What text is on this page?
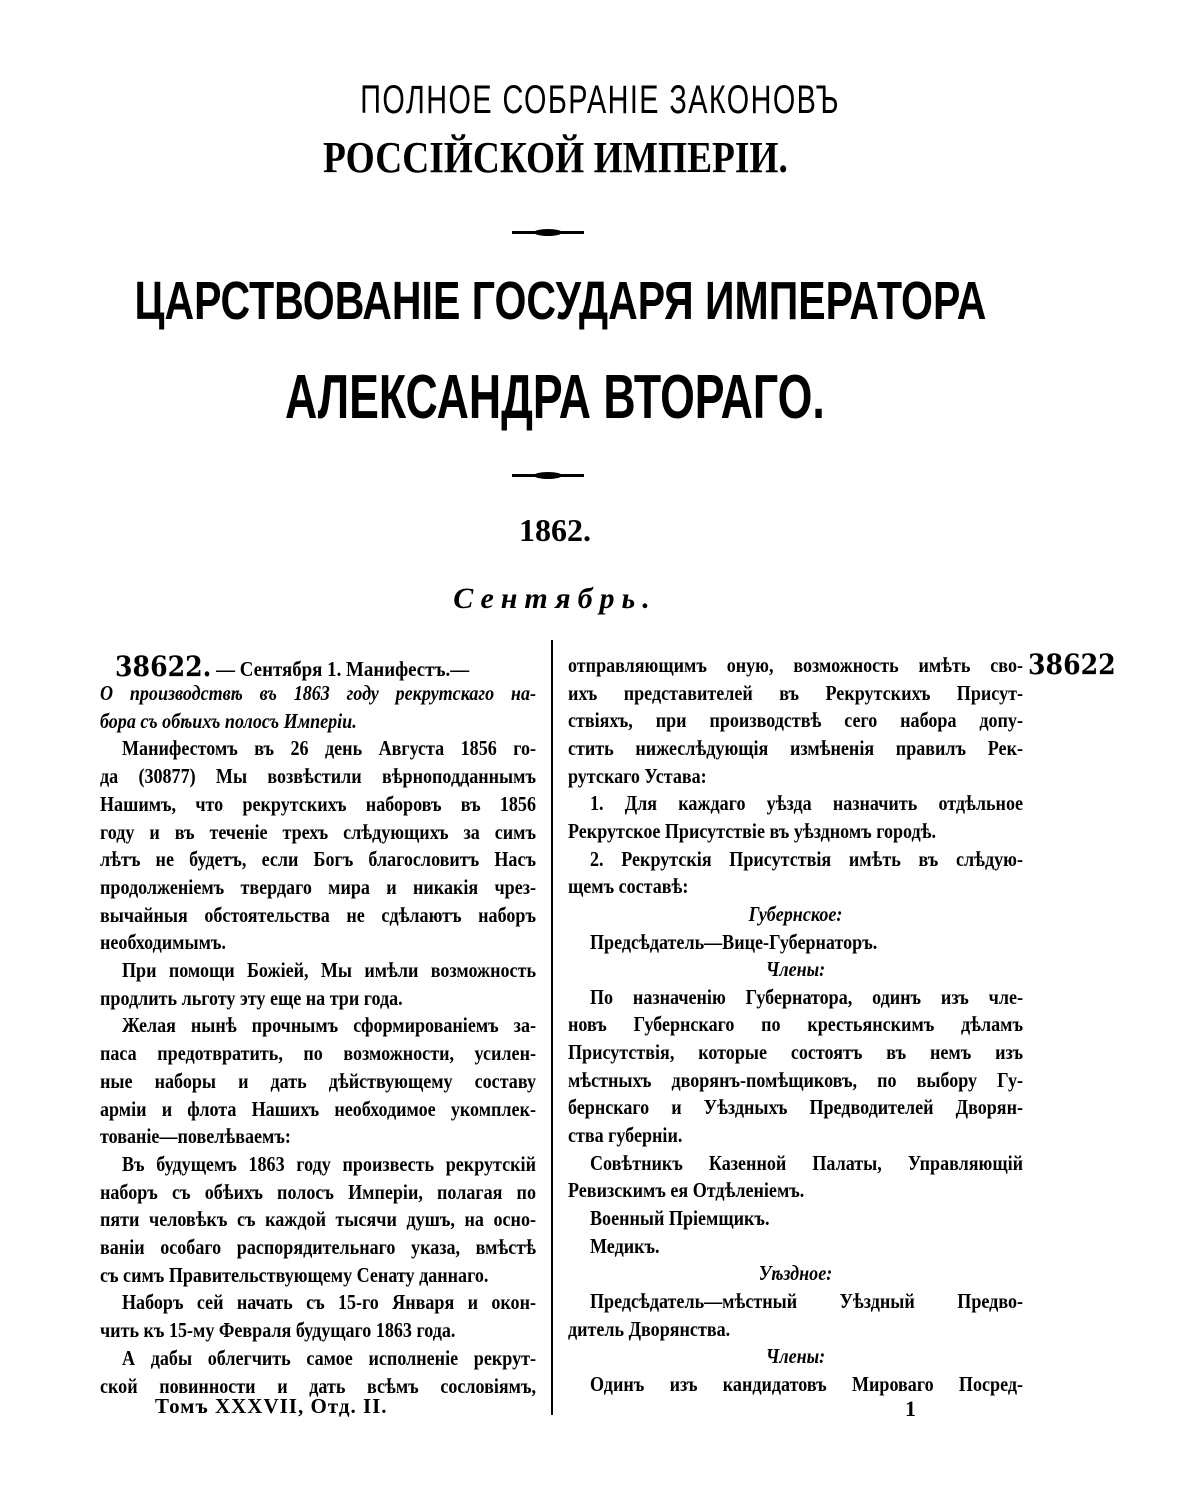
ПОЛНОЕ СОБРАНІЕ ЗАКОНОВЪ
РОССІЙСКОЙ ИМПЕРІИ.
ЦАРСТВОВАНІЕ ГОСУДАРЯ ИМПЕРАТОРА
АЛЕКСАНДРА ВТОРАГО.
1862.
Сентябрь.
38622. — Сентября 1. Манифестъ.—	38622
О производствѣ въ 1863 году рекрутскаго на-
бора съ обѣихъ полосъ Имперіи.
Манифестомъ въ 26 день Августа 1856 го-
да (30877) Мы возвѣстили вѣрноподданнымъ
Нашимъ, что рекрутскихъ наборовъ въ 1856
году и въ теченіе трехъ слѣдующихъ за симъ
лѣтъ не будетъ, если Богъ благословитъ Насъ
продолженіемъ твердаго мира и никакія чрез-
вычайныя обстоятельства не сдѣлаютъ наборъ
необходимымъ.
При помощи Божіей, Мы имѣли возможность
продлить льготу эту еще на три года.
Желая нынѣ прочнымъ сформированіемъ за-
паса предотвратить, по возможности, усилен-
ные наборы и дать дѣйствующему составу
арміи и флота Нашихъ необходимое укомплек-
тованіе—повелѣваемъ:
Въ будущемъ 1863 году произвесть рекрутскій
наборъ съ обѣихъ полосъ Имперіи, полагая по
пяти человѣкъ съ каждой тысячи душъ, на осно-
ваніи особаго распорядительнаго указа, вмѣстѣ
съ симъ Правительствующему Сенату даннаго.
Наборъ сей начать съ 15-го Января и окон-
чить къ 15-му Февраля будущаго 1863 года.
А дабы облегчить самое исполненіе рекрут-
ской повинности и дать всѣмъ сословіямъ,
отправляющимъ оную, возможность имѣть сво-
ихъ представителей въ Рекрутскихъ Присут-
ствіяхъ, при производствѣ сего набора допу-
стить нижеслѣдующія измѣненія правилъ Рек-
рутскаго Устава:
1. Для каждаго уѣзда назначить отдѣльное
Рекрутское Присутствіе въ уѣздномъ городѣ.
2. Рекрутскія Присутствія имѣть въ слѣдую-
щемъ составѣ:
Губернское:
Предсѣдатель—Вице-Губернаторъ.
Члены:
По назначенію Губернатора, одинъ изъ чле-
новъ Губернскаго по крестьянскимъ дѣламъ
Присутствія, которые состоятъ въ немъ изъ
мѣстныхъ дворянъ-помѣщиковъ, по выбору Гу-
бернскаго и Уѣздныхъ Предводителей Дворян-
ства губерніи.
Совѣтникъ Казенной Палаты, Управляющій
Ревизскимъ ея Отдѣленіемъ.
Военный Пріемщикъ.
Медикъ.
Уѣздное:
Предсѣдатель—мѣстный Уѣздный Предво-
дитель Дворянства.
Члены:
Одинъ изъ кандидатовъ Мироваго Посред-
Томъ XXXVII, Отд. II.	1
